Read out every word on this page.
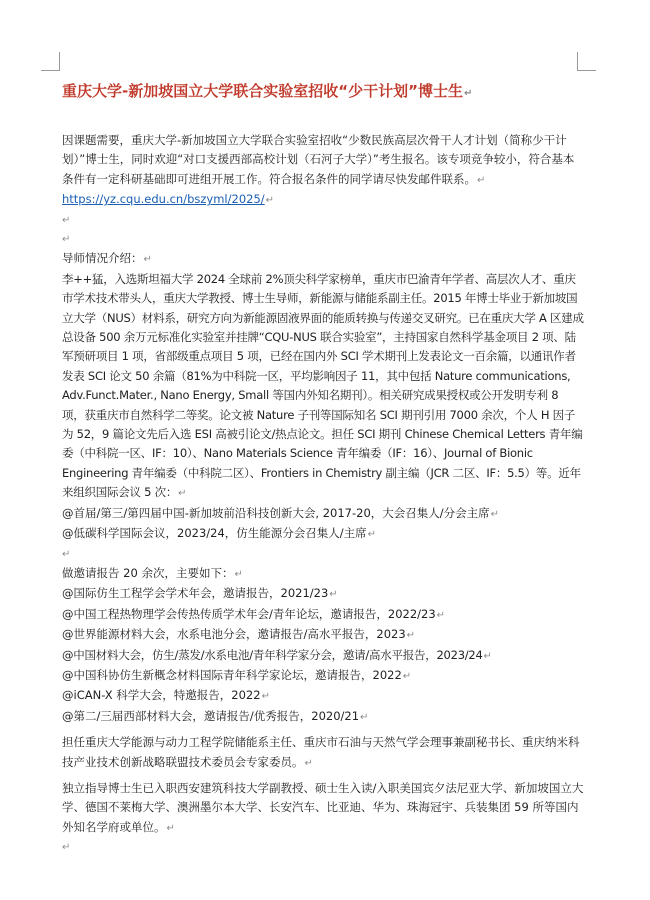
重庆大学-新加坡国立大学联合实验室招收“少干计划”博士生↵

因课题需要，重庆大学-新加坡国立大学联合实验室招收“少数民族高层次骨干人才计划（简称少干计划）”博士生，同时欢迎“对口支援西部高校计划（石河子大学）”考生报名。该专项竞争较小，符合基本条件有一定科研基础即可进组开展工作。符合报名条件的同学请尽快发邮件联系。↵

https://yz.cqu.edu.cn/bszyml/2025/↵

↵
↵

导师情况介绍：↵

李++猛，入选斯坦福大学 2024 全球前 2%顶尖科学家榜单，重庆市巴渝青年学者、高层次人才、重庆市学术技术带头人，重庆大学教授、博士生导师，新能源与储能系副主任。2015 年博士毕业于新加坡国立大学（NUS）材料系，研究方向为新能源固液界面的能质转换与传递交叉研究。已在重庆大学 A 区建成总设备 500 余万元标准化实验室并挂牌“CQU-NUS 联合实验室”，主持国家自然科学基金项目 2 项、陆军预研项目 1 项，省部级重点项目 5 项，已经在国内外 SCI 学术期刊上发表论文一百余篇，以通讯作者发表 SCI 论文 50 余篇（81%为中科院一区，平均影响因子 11，其中包括 Nature communications, Adv.Funct.Mater., Nano Energy, Small 等国内外知名期刊）。相关研究成果授权或公开发明专利 8 项，获重庆市自然科学二等奖。论文被 Nature 子刊等国际知名 SCI 期刊引用 7000 余次，个人 H 因子为 52，9 篇论文先后入选 ESI 高被引论文/热点论文。担任 SCI 期刊 Chinese Chemical Letters 青年编委（中科院一区、IF：10）、Nano Materials Science 青年编委（IF：16）、Journal of Bionic Engineering 青年编委（中科院二区）、Frontiers in Chemistry 副主编（JCR 二区、IF：5.5）等。近年来组织国际会议 5 次：↵

@首届/第三/第四届中国-新加坡前沿科技创新大会, 2017-20，大会召集人/分会主席↵

@低碳科学国际会议，2023/24，仿生能源分会召集人/主席↵

↵

做邀请报告 20 余次，主要如下：↵

@国际仿生工程学会学术年会，邀请报告，2021/23↵

@中国工程热物理学会传热传质学术年会/青年论坛，邀请报告，2022/23↵

@世界能源材料大会，水系电池分会，邀请报告/高水平报告，2023↵

@中国材料大会，仿生/蒸发/水系电池/青年科学家分会，邀请/高水平报告，2023/24↵

@中国科协仿生新概念材料国际青年科学家论坛，邀请报告，2022↵

@iCAN-X 科学大会，特邀报告，2022↵

@第二/三届西部材料大会，邀请报告/优秀报告，2020/21↵

担任重庆大学能源与动力工程学院储能系主任、重庆市石油与天然气学会理事兼副秘书长、重庆纳米科技产业技术创新战略联盟技术委员会专家委员。↵

独立指导博士生已入职西安建筑科技大学副教授、硕士生入读/入职美国宾夕法尼亚大学、新加坡国立大学、德国不莱梅大学、澳洲墨尔本大学、长安汽车、比亚迪、华为、珠海冠宇、兵装集团 59 所等国内外知名学府或单位。↵

↵
